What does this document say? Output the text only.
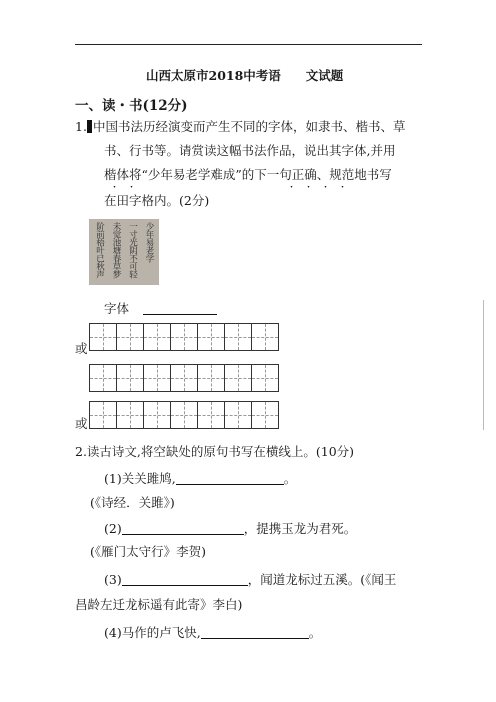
山西太原市2018中考语　　文试题
一、读・书(12分)
1. 中国书法历经演变而产生不同的字体，如隶书、楷书、草
书、行书等。请赏读这幅书法作品，说出其字体,并用
楷体将“少年易老学难成”的下一句正确、规范地书写
・・	・・・・
在田字格内。(2分)
少年易老学
一寸光阴不可轻
未觉池塘春草梦
阶前梧叶已秋声
字体
或
或
2.读古诗文,将空缺处的原句书写在横线上。(10分)
(1)关关雎鸠,	。
(《诗经．关雎》)
(2)	，提携玉龙为君死。
(《雁门太守行》李贺)
(3)	，闻道龙标过五溪。(《闻王
昌龄左迁龙标遥有此寄》李白)
(4)马作的卢飞快,	。
